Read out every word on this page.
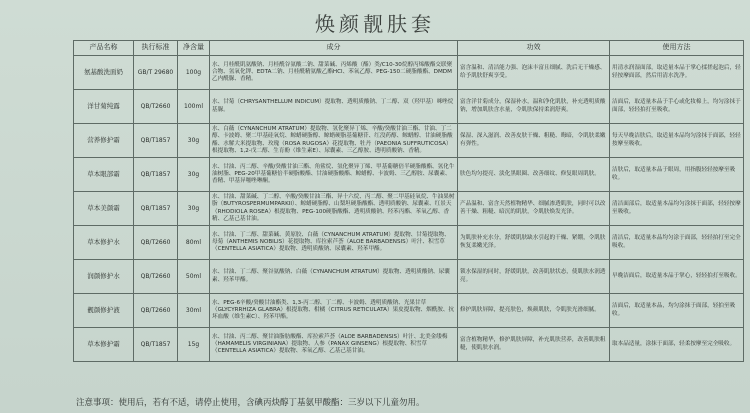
焕颜靓肤套
产品名称	执行标准	净含量	成分	功效	使用方法
氨基酸洗面奶	GB/T 29680	100g	水、月桂酰肌氨酸钠、月桂酰谷氨酸二钠、甜菜碱、丙烯酸（酯）类/C10-30烷醇丙烯酸酯交联聚合物、氢氧化钾、EDTA二钠、月桂酰精氨酸乙酯HCl、苯氧乙醇、PEG-150二硬脂酸酯、DMDM乙内酰脲、香精。	富含温和、清洁能力强、泡沫丰富且细腻、洗后无干燥感、给予肌肤舒爽享受。	用清水润湿面部，取适量本品于掌心揉搓起泡后，轻轻按摩面部，然后用清水洗净。
洋甘菊纯露	QB/T2660	100ml	水、甘菊（CHRYSANTHELLUM INDICUM）提取物、透明质酸钠、丁二醇、双（羟甲基）咪唑烷基脲。	富含洋甘菊成分，保湿补水，温和净化肌肤，补充透明质酸钠，增加肌肤含水量，令肌肤保持柔润舒爽。	洁面后，取适量本品于手心或化妆棉上，均匀涂抹于面部，轻轻拍打至吸收。
营养修护霜	QB/T1857	30g	水、白薇（CYNANCHUM ATRATUM）提取物、氢化聚异丁烯、辛酸/癸酸甘油三酯、甘油、丁二醇、卡波姆、聚二甲基硅氧烷、鲸蜡硬脂醇、鲸蜡硬脂基葡糖苷、红没药醇、鲸蜡醇、甘油硬脂酸酯、水解大米提取物、玫瑰（ROSA RUGOSA）花提取物、牡丹（PAEONIA SUFFRUTICOSA）根提取物、1,2-戊二醇、生育酚（维生素E）、尿囊素、三乙醇胺、透明质酸钠、香精。	保湿、深入滋润、改善皮肤干燥、粗糙、晦暗，令肌肤柔嫩有弹性。	每天早晚洁肤后，取适量本品均匀涂抹于面部，轻轻按摩至吸收。
草本眼部霜	QB/T1857	30g	水、甘油、丙二醇、辛酸/癸酸甘油三酯、角鲨烷、氢化聚异丁烯、甲基葡糖倍半硬脂酸酯、氢化牛油树脂、PEG-20甲基葡糖倍半硬脂酸酯、甘油硬脂酸酯、鲸蜡醇、卡波姆、三乙醇胺、尿囊素、香精、甲基异噻唑啉酮。	肤色均匀提亮、淡化黑眼圈、改善细纹、修复眼周肌肤。	洁肤后，取适量本品于眼周，用指腹轻轻按摩至吸收。
草本美颜霜	QB/T1857	30g	水、甘油、甜菜碱、丁二醇、辛酸/癸酸甘油三酯、异十六烷、丙二醇、聚二甲基硅氧烷、牛油果树脂（BUTYROSPERMUMPARKII）、鲸蜡硬脂醇、山梨坦硬脂酸酯、透明质酸钠、尿囊素、红景天（RHODIOLA ROSEA）根提取物、PEG-100硬脂酸酯、透明质酸钠、羟苯丙酯、苯氧乙醇、香精、乙基己基甘油。	产品温和、富含天然植物精华、细腻渗透肌肤，同时可以改善干燥、粗糙、暗沉的肌肤，令肌肤焕发光泽。	清洁面部后，取适量本品均匀涂抹于面部，轻轻按摩至吸收。
草本修护水	QB/T2660	80ml	水、甘油、丁二醇、甜菜碱、黄原胶、白薇（CYNANCHUM ATRATUM）提取物、甘菊提取物、母菊（ANTHEMIS NOBILIS）花提取物、库拉索芦荟（ALOE BARBADENSIS）叶汁、积雪草（CENTELLA ASIATICA）提取物、透明质酸钠、尿囊素、羟苯甲酯。	为肌肤补充水分，舒缓肌肤缺水引起的干燥、紧绷，令肌肤恢复柔嫩光泽。	清洁后，取适量本品均匀涂于面部，轻轻拍打至完全吸收。
润颜修护水	QB/T2660	50ml	水、甘油、丁二醇、聚谷氨酸钠、白薇（CYNANCHUM ATRATUM）提取物、透明质酸钠、尿囊素、羟苯甲酯。	锁水保湿的同时，舒缓肌肤，改善肌肤状态，使肌肤水润透亮。	早晚洁面后，取适量本品于掌心，轻轻拍打至吸收。
靓颜修护液	QB/T2660	30ml	水、PEG-6辛酸/癸酸甘油酯类、1,3-丙二醇、丁二醇、卡波姆、透明质酸钠、光果甘草（GLYCYRRHIZA GLABRA）根提取物、柑橘（CITRUS RETICULATA）果皮提取物、烟酰胺、抗坏血酸（维生素C）、羟苯甲酯。	修护肌肤屏障，提亮肤色，焕颜肌肤，令肌肤光滑细腻。	洁面后，取适量本品，均匀涂抹于面部，轻拍至吸收。
草本修护霜	QB/T1857	15g	水、甘油、丙二醇、聚甘油脂肪酸酯、库拉索芦荟（ALOE BARBADENSIS）叶汁、北美金缕梅（HAMAMELIS VIRGINIANA）提取物、人参（PANAX GINSENG）根提取物、积雪草（CENTELLA ASIATICA）提取物、苯氧乙醇、乙基己基甘油。	富含植物精华，修护肌肤屏障，补充肌肤营养，改善肌肤粗糙，使肌肤水润。	取本品适量，涂抹于面部，轻柔按摩至完全吸收。
注意事项：使用后，若有不适，请停止使用，含碘丙炔醇丁基氨甲酸酯：三岁以下儿童勿用。
